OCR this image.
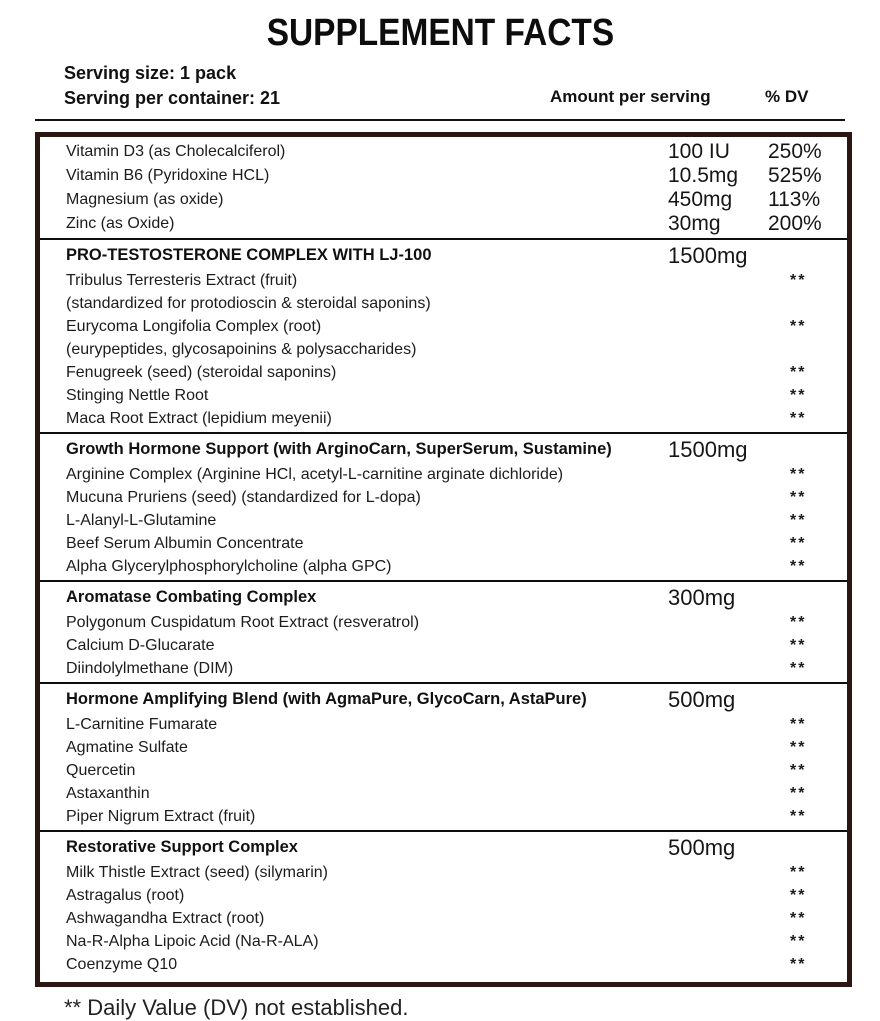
SUPPLEMENT FACTS
Serving size: 1 pack
Serving per container: 21	Amount per serving	% DV
Vitamin D3 (as Cholecalciferol)	100 IU 250%
Vitamin B6 (Pyridoxine HCL)	10.5mg 525%
Magnesium (as oxide)	450mg 113%
Zinc (as Oxide)	30mg 200%
PRO-TESTOSTERONE COMPLEX WITH LJ-100	1500mg
Tribulus Terresteris Extract (fruit)	**
(standardized for protodioscin & steroidal saponins)
Eurycoma Longifolia Complex (root)	**
(eurypeptides, glycosapoinins & polysaccharides)
Fenugreek (seed) (steroidal saponins)	**
Stinging Nettle Root	**
Maca Root Extract (lepidium meyenii)	**
Growth Hormone Support (with ArginoCarn, SuperSerum, Sustamine)	1500mg
Arginine Complex (Arginine HCl, acetyl-L-carnitine arginate dichloride)	**
Mucuna Pruriens (seed) (standardized for L-dopa)	**
L-Alanyl-L-Glutamine	**
Beef Serum Albumin Concentrate	**
Alpha Glycerylphosphorylcholine (alpha GPC)	**
Aromatase Combating Complex	300mg
Polygonum Cuspidatum Root Extract (resveratrol)	**
Calcium D-Glucarate	**
Diindolylmethane (DIM)	**
Hormone Amplifying Blend (with AgmaPure, GlycoCarn, AstaPure)	500mg
L-Carnitine Fumarate	**
Agmatine Sulfate	**
Quercetin	**
Astaxanthin	**
Piper Nigrum Extract (fruit)	**
Restorative Support Complex	500mg
Milk Thistle Extract (seed) (silymarin)	**
Astragalus (root)	**
Ashwagandha Extract (root)	**
Na-R-Alpha Lipoic Acid (Na-R-ALA)	**
Coenzyme Q10	**
** Daily Value (DV) not established.
